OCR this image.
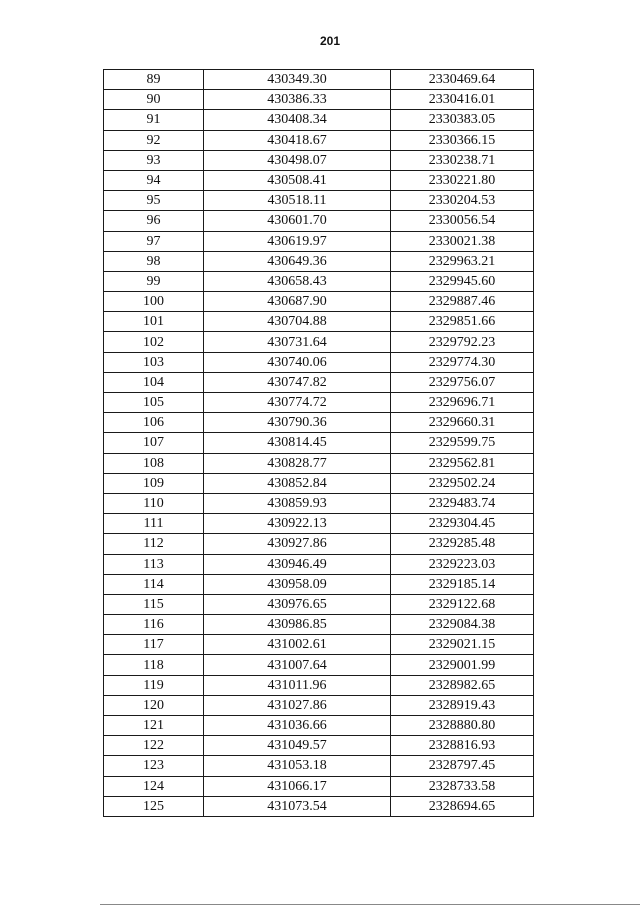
201
89	430349.30	2330469.64
90	430386.33	2330416.01
91	430408.34	2330383.05
92	430418.67	2330366.15
93	430498.07	2330238.71
94	430508.41	2330221.80
95	430518.11	2330204.53
96	430601.70	2330056.54
97	430619.97	2330021.38
98	430649.36	2329963.21
99	430658.43	2329945.60
100	430687.90	2329887.46
101	430704.88	2329851.66
102	430731.64	2329792.23
103	430740.06	2329774.30
104	430747.82	2329756.07
105	430774.72	2329696.71
106	430790.36	2329660.31
107	430814.45	2329599.75
108	430828.77	2329562.81
109	430852.84	2329502.24
110	430859.93	2329483.74
111	430922.13	2329304.45
112	430927.86	2329285.48
113	430946.49	2329223.03
114	430958.09	2329185.14
115	430976.65	2329122.68
116	430986.85	2329084.38
117	431002.61	2329021.15
118	431007.64	2329001.99
119	431011.96	2328982.65
120	431027.86	2328919.43
121	431036.66	2328880.80
122	431049.57	2328816.93
123	431053.18	2328797.45
124	431066.17	2328733.58
125	431073.54	2328694.65
